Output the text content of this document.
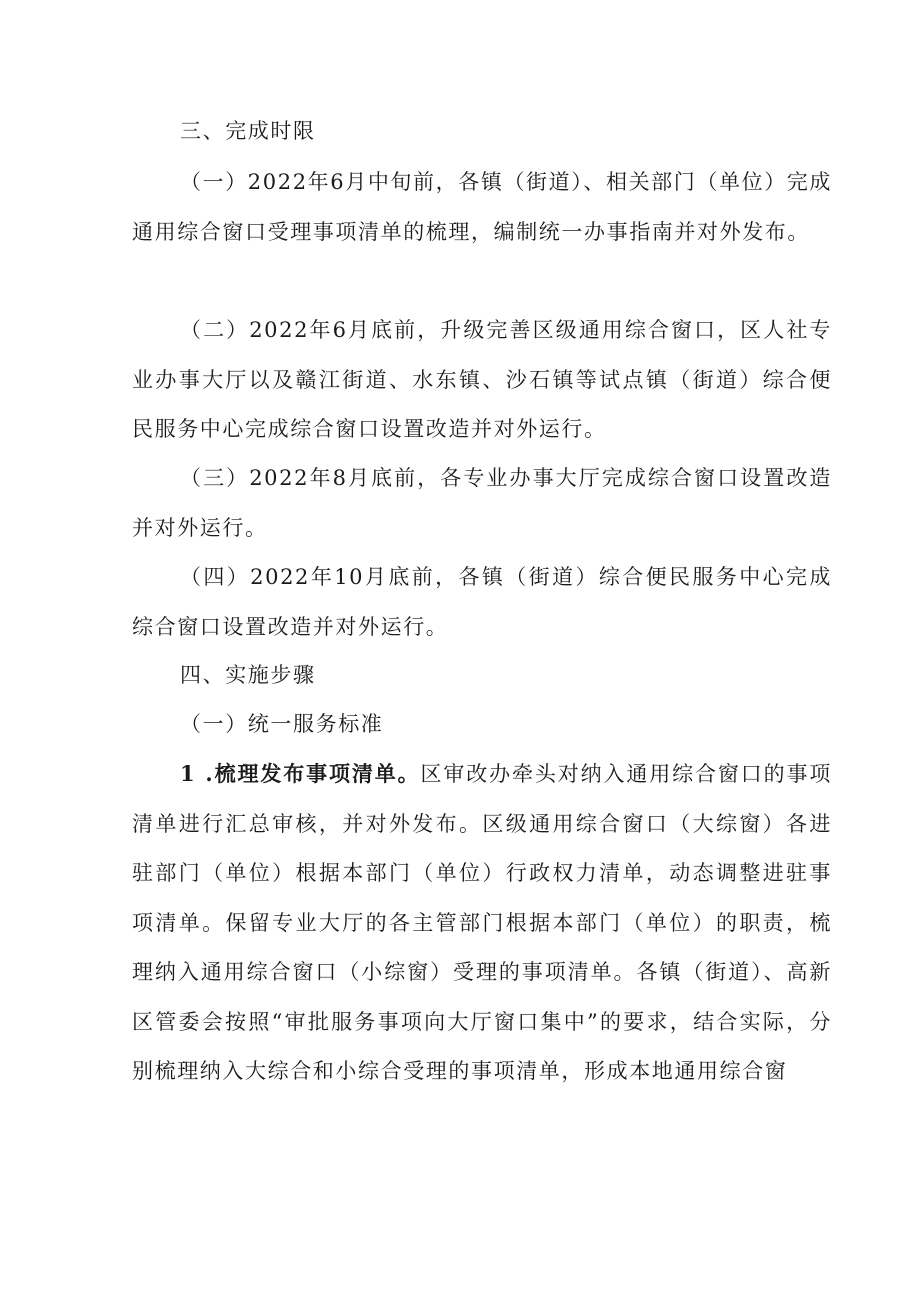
三、完成时限

（一）2022年6月中旬前，各镇（街道）、相关部门（单位）完成通用综合窗口受理事项清单的梳理，编制统一办事指南并对外发布。

（二）2022年6月底前，升级完善区级通用综合窗口，区人社专业办事大厅以及赣江街道、水东镇、沙石镇等试点镇（街道）综合便民服务中心完成综合窗口设置改造并对外运行。

（三）2022年8月底前，各专业办事大厅完成综合窗口设置改造并对外运行。

（四）2022年10月底前，各镇（街道）综合便民服务中心完成综合窗口设置改造并对外运行。

四、实施步骤

（一）统一服务标准

1 .梳理发布事项清单。区审改办牵头对纳入通用综合窗口的事项清单进行汇总审核，并对外发布。区级通用综合窗口（大综窗）各进驻部门（单位）根据本部门（单位）行政权力清单，动态调整进驻事项清单。保留专业大厅的各主管部门根据本部门（单位）的职责，梳理纳入通用综合窗口（小综窗）受理的事项清单。各镇（街道）、高新区管委会按照“审批服务事项向大厅窗口集中”的要求，结合实际，分别梳理纳入大综合和小综合受理的事项清单，形成本地通用综合窗
